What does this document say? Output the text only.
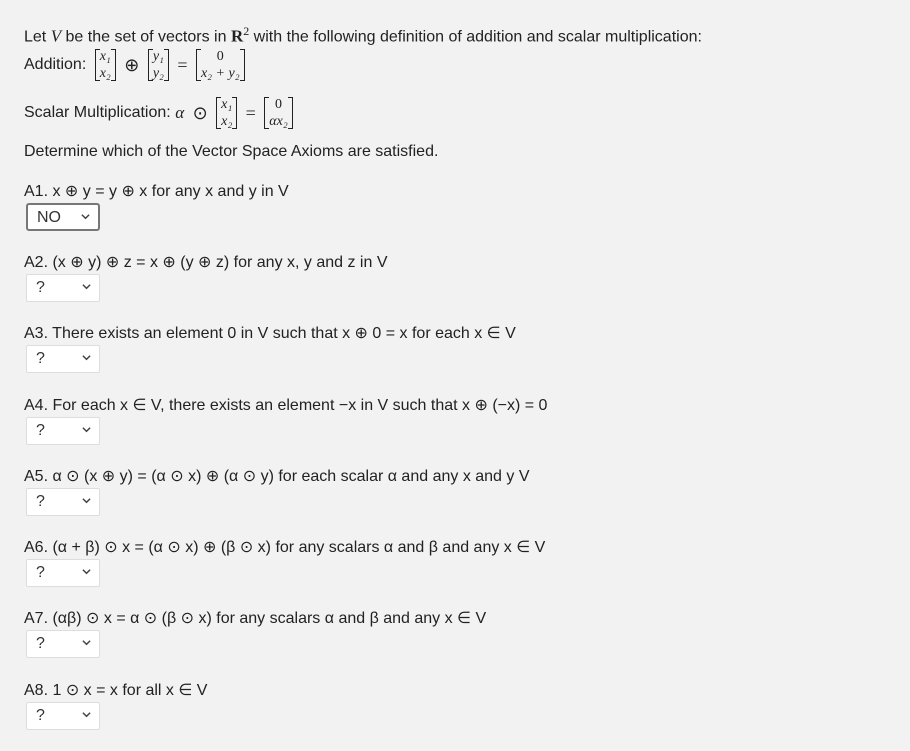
Let V be the set of vectors in $R^2$ with the following definition of addition and scalar multiplication:
Addition: x₁
x₂ ⊕ y₁
y₂ =	0
x₂ + y₂
Scalar Multiplication: α ⊙ x₁
x₂ =	0
αx₂
Determine which of the Vector Space Axioms are satisfied.
A1. x ⊕ y = y ⊕ x for any x and y in V
NO
A2. (x ⊕ y) ⊕ z = x ⊕ (y ⊕ z) for any x, y and z in V
?
A3. There exists an element 0 in V such that x ⊕ 0 = x for each x ∈ V
?
A4. For each x ∈ V, there exists an element −x in V such that x ⊕ (−x) = 0
?
A5. α ⊙ (x ⊕ y) = (α ⊙ x) ⊕ (α ⊙ y) for each scalar α and any x and y V
?
A6. (α + β) ⊙ x = (α ⊙ x) ⊕ (β ⊙ x) for any scalars α and β and any x ∈ V
?
A7. (αβ) ⊙ x = α ⊙ (β ⊙ x) for any scalars α and β and any x ∈ V
?
A8. 1 ⊙ x = x for all x ∈ V
?
